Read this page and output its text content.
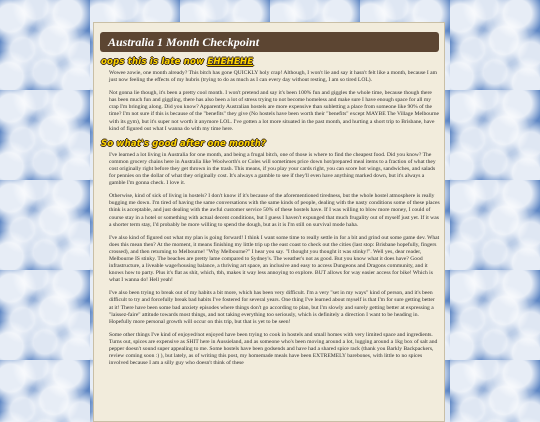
Australia 1 Month Checkpoint
oops this is late now EHEHEHE

Wowee zowie, one month already? This bitch has gone QUICKLY holy crap! Although, I won't lie and say it hasn't felt like a month, because I am just now feeling the effects of my hubris (trying to do as much as I can every day without resting, I am so tired LOL).

Not gonna lie though, it's been a pretty cool month. I won't pretend and say it's been 100% fun and giggles the whole time, because though there has been much fun and giggling, there has also been a lot of stress trying to not become homeless and make sure I have enough space for all my crap I'm bringing along. Did you know? Apparently Australian hostels are more expensive than subletting a place from someone like 90% of the time? I'm not sure if this is because of the "benefits" they give (No hostels have been worth their "benefits" except MAYBE The Village Melbourne with its gym), but it's super not worth it anymore LOL. I've gotten a lot more situated in the past month, and hurting a short trip to Brisbane, have kind of figured out what I wanna do with my time here.

So what's good after one month?

I've learned a lot living in Australia for one month, and being a frugal bitch, one of those is where to find the cheapest food. Did you know? The common grocery chains here in Australia like Woolworth's or Coles will sometimes price down hot/prepared meal items to a fraction of what they cost originally right before they get thrown in the trash. This means, if you play your cards right, you can score hot wings, sandwiches, and salads for pennies on the dollar of what they originally cost. It's always a gamble to see if they'll even have anything marked down, but it's always a gamble I'm gonna check. I love it.

Otherwise, kind of sick of living in hostels? I don't know if it's because of the aforementioned tiredness, but the whole hostel atmosphere is really bugging me down. I'm tired of having the same conversations with the same kinds of people, dealing with the nasty conditions some of these places think is acceptable, and just dealing with the awful customer service 50% of these hostels have. If I was willing to blow more money, I could of course stay in a hotel or something with actual decent conditions, but I guess I haven't expunged that much frugality out of myself just yet. If it was a shorter term stay, I'd probably be more willing to spend the dough, but as it is I'm still on survival mode haha.

I've also kind of figured out what my plan is going forward! I think I want some time to really settle in for a bit and grind out some game dev. What does this mean then? At the moment, it means finishing my little trip up the east coast to check out the cities (last stop: Brisbane hopefully, fingers crossed), and then returning to Melbourne! "Why Melbourne?" I hear you say. "I thought you thought it was stinky!". Well yes, dear reader, Melbourne IS stinky. The beaches are pretty lame compared to Sydney's. The weather's not as good. But you know what it does have? Good infrastructure, a liveable wage/housing balance, a thriving art space, an inclusive and easy to access Dungeons and Dragons community, and it knows how to party. Plus it's flat as shit, which, tbh, makes it way less annoying to explore. BUT allows for way easier access for bike! Which is what I wanna do! Hell yeah!

I've also been trying to break out of my habits a bit more, which has been very difficult. I'm a very "set in my ways" kind of person, and it's been difficult to try and forcefully break bad habits I've fostered for several years. One thing I've learned about myself is that I'm for sure getting better at it! There have been some bad anxiety episodes where things don't go according to plan, but I'm slowly and surely getting better at expressing a "laissez-faire" attitude towards most things, and not taking everything too seriously, which is definitely a direction I want to be heading in. Hopefully more personal growth will occur on this trip, but that is yet to be seen!

Some other things I've kind of enjoyed/not enjoyed have been trying to cook in hostels and small homes with very limited space and ingredients. Turns out, spices are expensive as SHIT here in Aussieland, and as someone who's been moving around a lot, lugging around a 1kg box of salt and pepper doesn't sound super appealing to me. Some hostels have been godsends and have had a shared spice rack (thank you Barkly Backpackers, review coming soon :) ), but lately, as of writing this post, my homemade meals have been EXTREMELY barebones, with little to no spices involved because I am a silly guy who doesn't think of these
